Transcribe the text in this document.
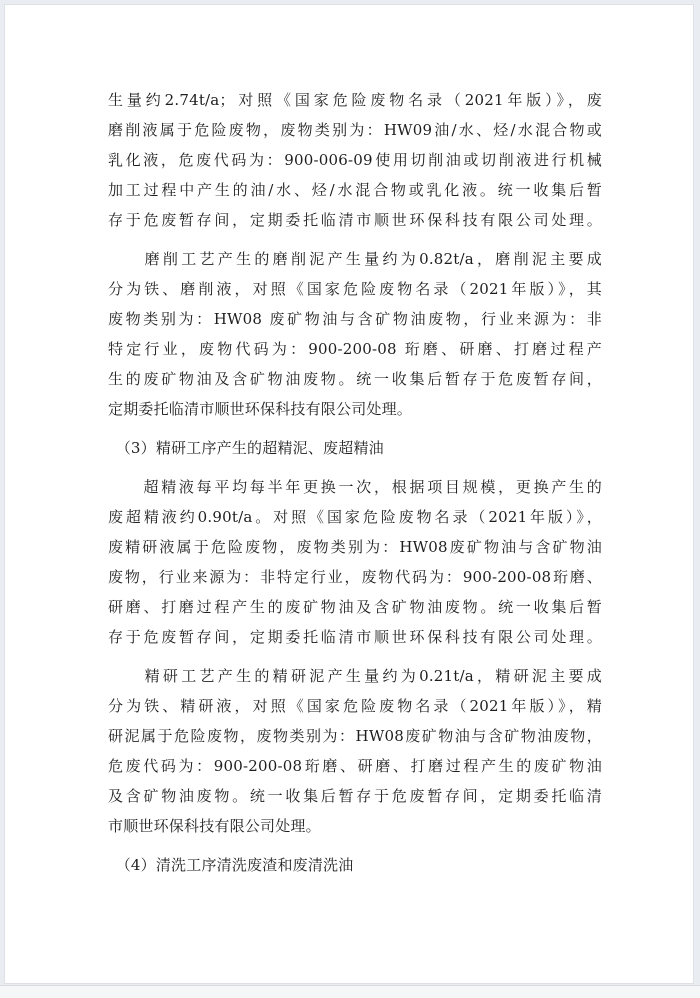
生量约2.74t/a；对照《国家危险废物名录（2021年版）》，废
磨削液属于危险废物，废物类别为：HW09油/水、烃/水混合物或
乳化液，危废代码为：900-006-09使用切削油或切削液进行机械
加工过程中产生的油/水、烃/水混合物或乳化液。统一收集后暂
存于危废暂存间，定期委托临清市顺世环保科技有限公司处理。
　　磨削工艺产生的磨削泥产生量约为0.82t/a，磨削泥主要成
分为铁、磨削液，对照《国家危险废物名录（2021年版）》，其
废物类别为：HW08 废矿物油与含矿物油废物，行业来源为：非
特定行业，废物代码为：900-200-08 珩磨、研磨、打磨过程产
生的废矿物油及含矿物油废物。统一收集后暂存于危废暂存间，
定期委托临清市顺世环保科技有限公司处理。
　（3）精研工序产生的超精泥、废超精油
　　超精液每平均每半年更换一次，根据项目规模，更换产生的
废超精液约0.90t/a。对照《国家危险废物名录（2021年版）》，
废精研液属于危险废物，废物类别为：HW08废矿物油与含矿物油
废物，行业来源为：非特定行业，废物代码为：900-200-08珩磨、
研磨、打磨过程产生的废矿物油及含矿物油废物。统一收集后暂
存于危废暂存间，定期委托临清市顺世环保科技有限公司处理。
　　精研工艺产生的精研泥产生量约为0.21t/a，精研泥主要成
分为铁、精研液，对照《国家危险废物名录（2021年版）》，精
研泥属于危险废物，废物类别为：HW08废矿物油与含矿物油废物，
危废代码为：900-200-08珩磨、研磨、打磨过程产生的废矿物油
及含矿物油废物。统一收集后暂存于危废暂存间，定期委托临清
市顺世环保科技有限公司处理。
　（4）清洗工序清洗废渣和废清洗油
